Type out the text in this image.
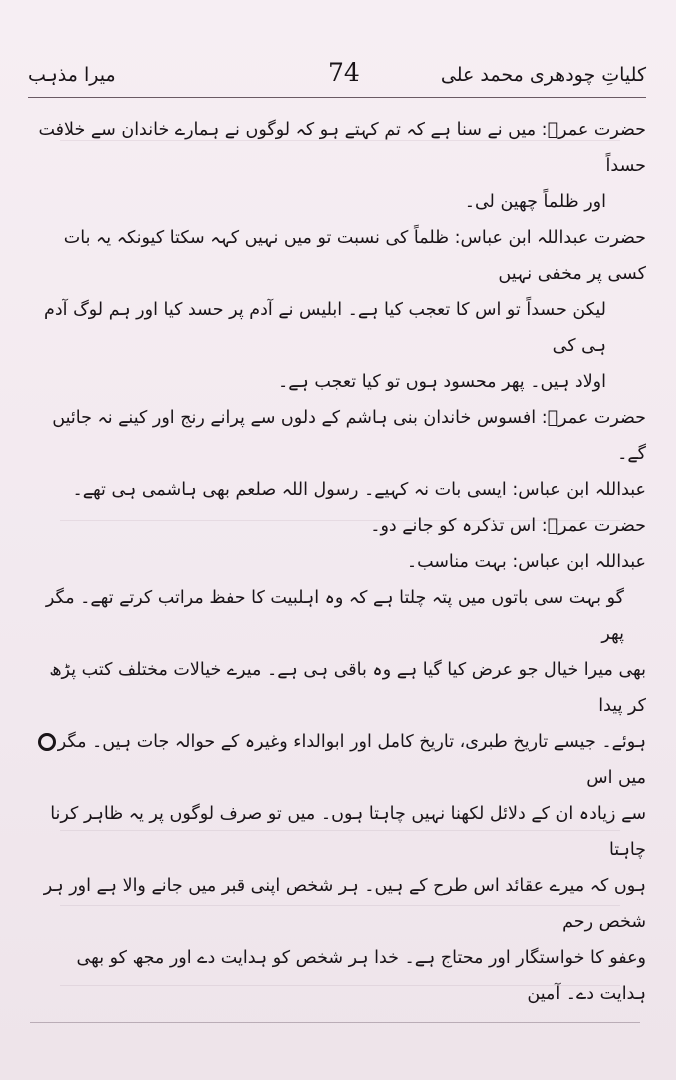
کلیاتِ چودھری محمد علی
74
میرا مذہب

حضرت عمرؓ: میں نے سنا ہے کہ تم کہتے ہو کہ لوگوں نے ہمارے خاندان سے خلافت حسداً
اور ظلماً چھین لی۔

حضرت عبداللہ ابن عباس: ظلماً کی نسبت تو میں نہیں کہہ سکتا کیونکہ یہ بات کسی پر مخفی نہیں
لیکن حسداً تو اس کا تعجب کیا ہے۔ ابلیس نے آدم پر حسد کیا اور ہم لوگ آدم ہی کی
اولاد ہیں۔ پھر محسود ہوں تو کیا تعجب ہے۔

حضرت عمرؓ: افسوس خاندان بنی ہاشم کے دلوں سے پرانے رنج اور کینے نہ جائیں گے۔

عبداللہ ابن عباس: ایسی بات نہ کہیے۔ رسول اللہ صلعم بھی ہاشمی ہی تھے۔

حضرت عمرؓ: اس تذکرہ کو جانے دو۔

عبداللہ ابن عباس: بہت مناسب۔

گو بہت سی باتوں میں پتہ چلتا ہے کہ وہ اہلبیت کا حفظ مراتب کرتے تھے۔ مگر پھر
بھی میرا خیال جو عرض کیا گیا ہے وہ باقی ہی ہے۔ میرے خیالات مختلف کتب پڑھ کر پیدا
ہوئے۔ جیسے تاریخ طبری، تاریخ کامل اور ابوالداء وغیرہ کے حوالہ جات ہیں۔ مگر میں اس
سے زیادہ ان کے دلائل لکھنا نہیں چاہتا ہوں۔ میں تو صرف لوگوں پر یہ ظاہر کرنا چاہتا
ہوں کہ میرے عقائد اس طرح کے ہیں۔ ہر شخص اپنی قبر میں جانے والا ہے اور ہر شخص رحم
وعفو کا خواستگار اور محتاج ہے۔ خدا ہر شخص کو ہدایت دے اور مجھ کو بھی ہدایت دے۔ آمین
